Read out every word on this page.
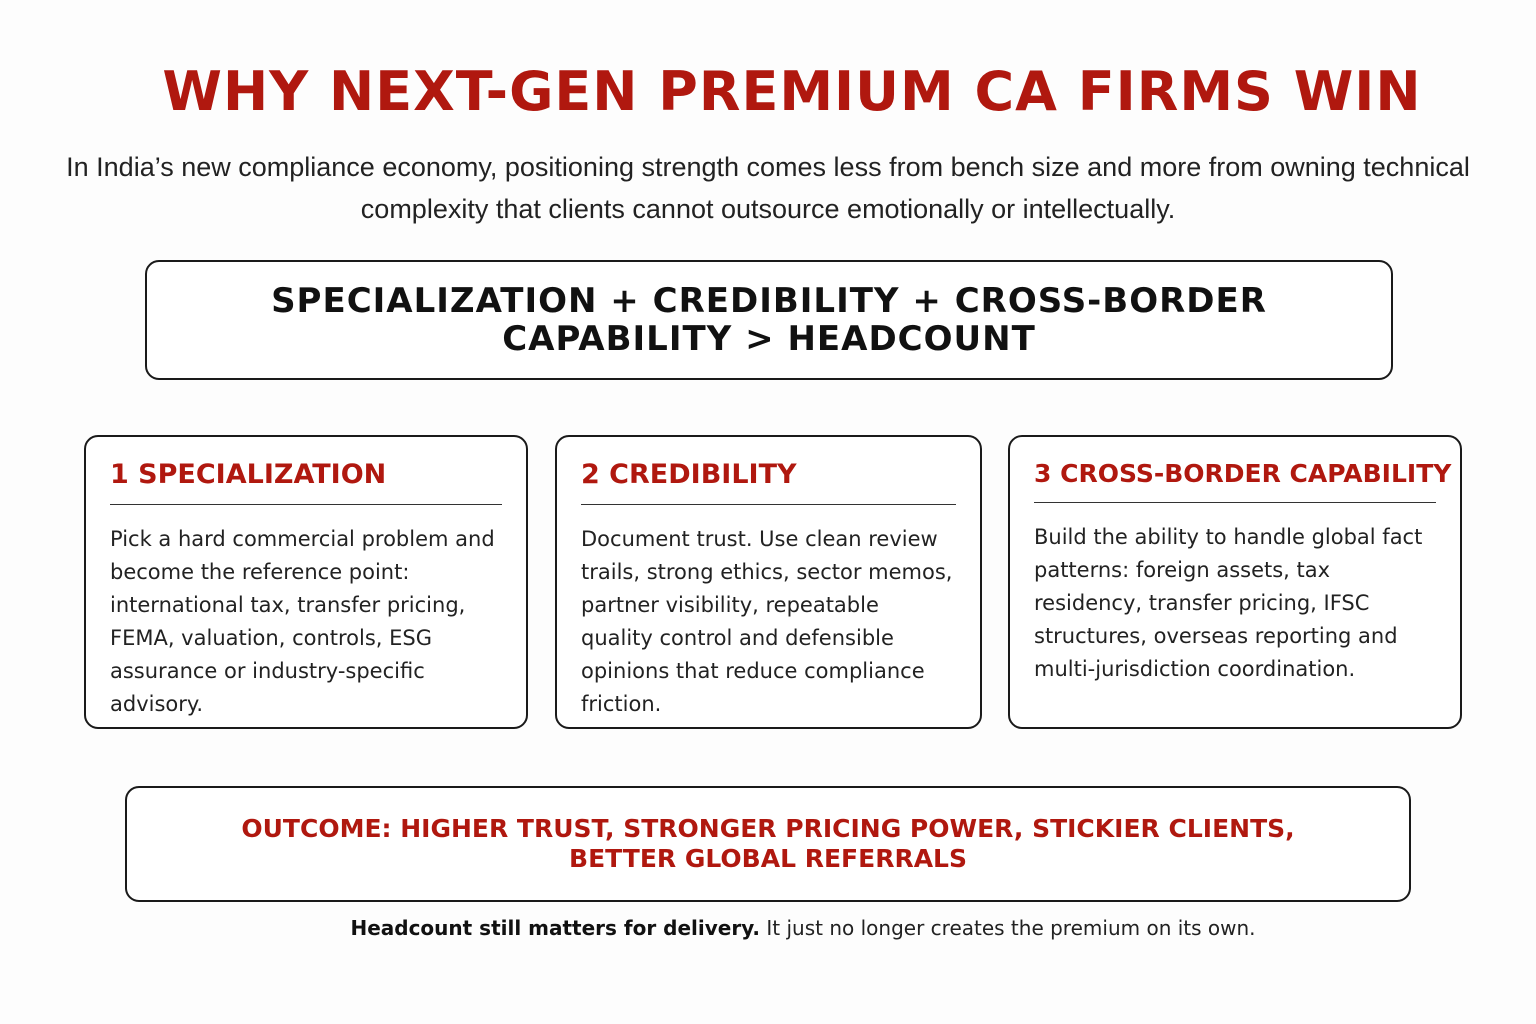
WHY NEXT-GEN PREMIUM CA FIRMS WIN
In India’s new compliance economy, positioning strength comes less from bench size and more from owning technical complexity that clients cannot outsource emotionally or intellectually.
SPECIALIZATION + CREDIBILITY + CROSS-BORDER CAPABILITY > HEADCOUNT
1 SPECIALIZATION

Pick a hard commercial problem and become the reference point: international tax, transfer pricing, FEMA, valuation, controls, ESG assurance or industry-specific advisory.

2 CREDIBILITY

Document trust. Use clean review trails, strong ethics, sector memos, partner visibility, repeatable quality control and defensible opinions that reduce compliance friction.

3 CROSS-BORDER CAPABILITY

Build the ability to handle global fact patterns: foreign assets, tax residency, transfer pricing, IFSC structures, overseas reporting and multi-jurisdiction coordination.

OUTCOME: HIGHER TRUST, STRONGER PRICING POWER, STICKIER CLIENTS, BETTER GLOBAL REFERRALS
Headcount still matters for delivery. It just no longer creates the premium on its own.
